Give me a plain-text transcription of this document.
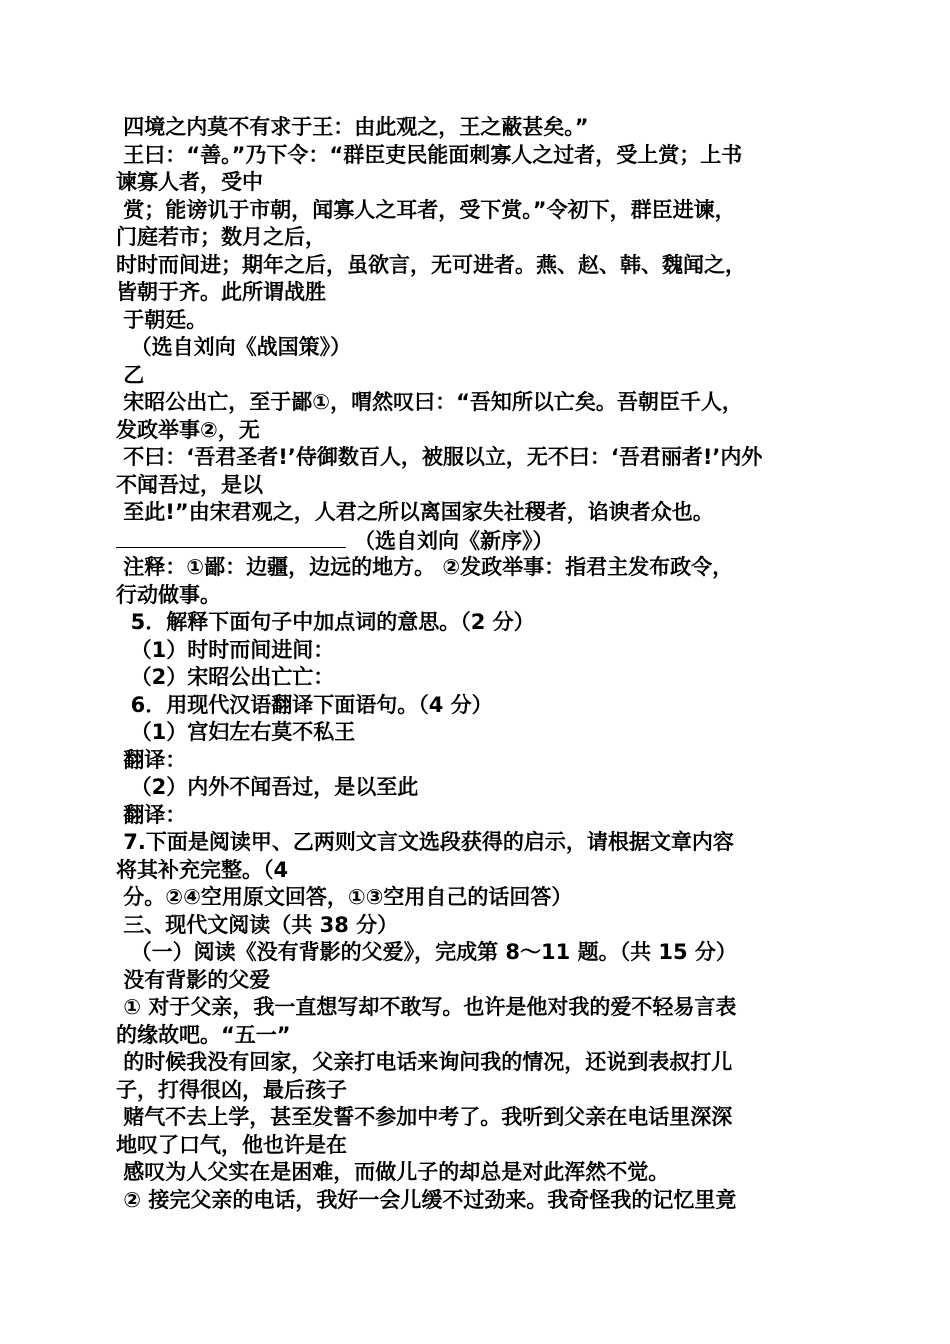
四境之内莫不有求于王：由此观之，王之蔽甚矣。”
王曰：“善。”乃下令：“群臣吏民能面刺寡人之过者，受上赏；上书
谏寡人者，受中
赏；能谤讥于市朝，闻寡人之耳者，受下赏。”令初下，群臣进谏，
门庭若市；数月之后，
时时而间进；期年之后，虽欲言，无可进者。燕、赵、韩、魏闻之，
皆朝于齐。此所谓战胜
于朝廷。
（选自刘向《战国策》）
乙
宋昭公出亡，至于鄙①，喟然叹曰：“吾知所以亡矣。吾朝臣千人，
发政举事②，无
不曰：‘吾君圣者!’侍御数百人，被服以立，无不曰：‘吾君丽者!’内外
不闻吾过，是以
至此!”由宋君观之，人君之所以离国家失社稷者，谄谀者众也。
（选自刘向《新序》）
注释：①鄙：边疆，边远的地方。 ②发政举事：指君主发布政令，
行动做事。
5．解释下面句子中加点词的意思。（2 分）
（1）时时而间进间：
（2）宋昭公出亡亡：
6．用现代汉语翻译下面语句。（4 分）
（1）宫妇左右莫不私王
翻译：
（2）内外不闻吾过，是以至此
翻译：
7.下面是阅读甲、乙两则文言文选段获得的启示，请根据文章内容
将其补充完整。（4
分。②④空用原文回答，①③空用自己的话回答）
三、现代文阅读（共 38 分）
（一）阅读《没有背影的父爱》，完成第 8～11 题。（共 15 分）
没有背影的父爱
① 对于父亲，我一直想写却不敢写。也许是他对我的爱不轻易言表
的缘故吧。“五一”
的时候我没有回家，父亲打电话来询问我的情况，还说到表叔打儿
子，打得很凶，最后孩子
赌气不去上学，甚至发誓不参加中考了。我听到父亲在电话里深深
地叹了口气，他也许是在
感叹为人父实在是困难，而做儿子的却总是对此浑然不觉。
② 接完父亲的电话，我好一会儿缓不过劲来。我奇怪我的记忆里竟
